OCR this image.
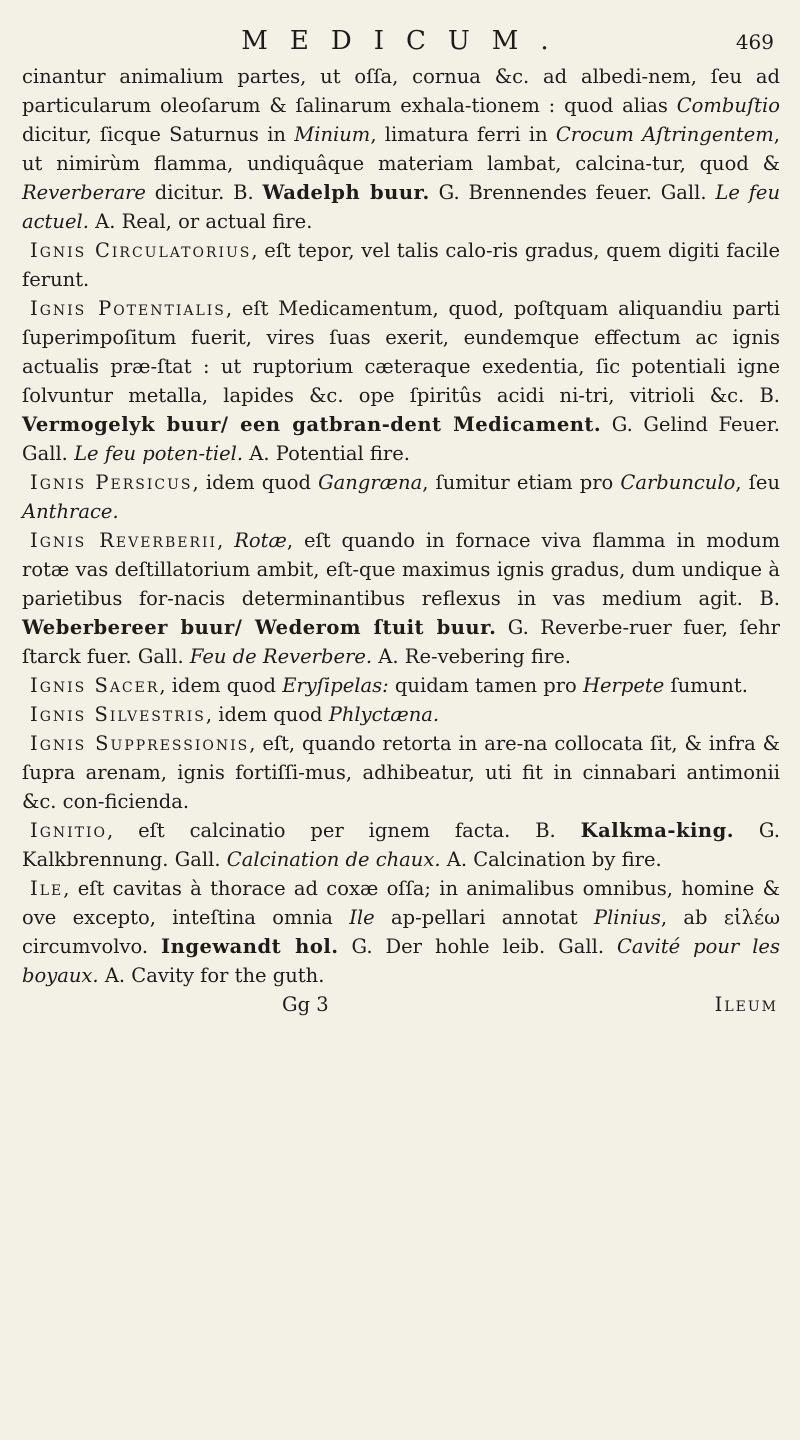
MEDICUM.	469

cinantur animalium partes, ut oſſa, cornua &c. ad albedi-nem, ſeu ad particularum oleoſarum & ſalinarum exhala-tionem : quod alias Combuſtio dicitur, ſicque Saturnus in Minium, limatura ferri in Crocum Aſtringentem, ut nimirùm flamma, undiquâque materiam lambat, calcina-tur, quod & Reverberare dicitur. B. Wadelph buur. G. Brennendes feuer. Gall. Le feu actuel. A. Real, or actual fire.

Ignis Circulatorius, eſt tepor, vel talis calo-ris gradus, quem digiti facile ferunt.

Ignis Potentialis, eſt Medicamentum, quod, poſtquam aliquandiu parti ſuperimpoſitum fuerit, vires ſuas exerit, eundemque effectum ac ignis actualis præ-ſtat : ut ruptorium cæteraque exedentia, ſic potentiali igne ſolvuntur metalla, lapides &c. ope ſpiritûs acidi ni-tri, vitrioli &c. B. Vermogelyk buur/ een gatbran-dent Medicament. G. Gelind Feuer. Gall. Le feu poten-tiel. A. Potential fire.

Ignis Persicus, idem quod Gangræna, ſumitur etiam pro Carbunculo, ſeu Anthrace.

Ignis Reverberii, Rotæ, eſt quando in fornace viva flamma in modum rotæ vas deſtillatorium ambit, eſt-que maximus ignis gradus, dum undique à parietibus for-nacis determinantibus reflexus in vas medium agit. B. Weberbereer buur/ Wederom ſtuit buur. G. Reverbe-ruer fuer, ſehr ſtarck fuer. Gall. Feu de Reverbere. A. Re-vebering fire.

Ignis Sacer, idem quod Eryſipelas: quidam tamen pro Herpete ſumunt.

Ignis Silvestris, idem quod Phlyctæna.

Ignis Suppressionis, eſt, quando retorta in are-na collocata ſit, & infra & ſupra arenam, ignis fortiſſi-mus, adhibeatur, uti fit in cinnabari antimonii &c. con-ficienda.

Ignitio, eſt calcinatio per ignem facta. B. Kalkma-king. G. Kalkbrennung. Gall. Calcination de chaux. A. Calcination by fire.

Ile, eſt cavitas à thorace ad coxæ oſſa; in animalibus omnibus, homine & ove excepto, inteſtina omnia Ile ap-pellari annotat Plinius, ab εἰλέω circumvolvo. Ingewandt hol. G. Der hohle leib. Gall. Cavité pour les boyaux. A. Cavity for the guth.

Gg 3	Ileum
